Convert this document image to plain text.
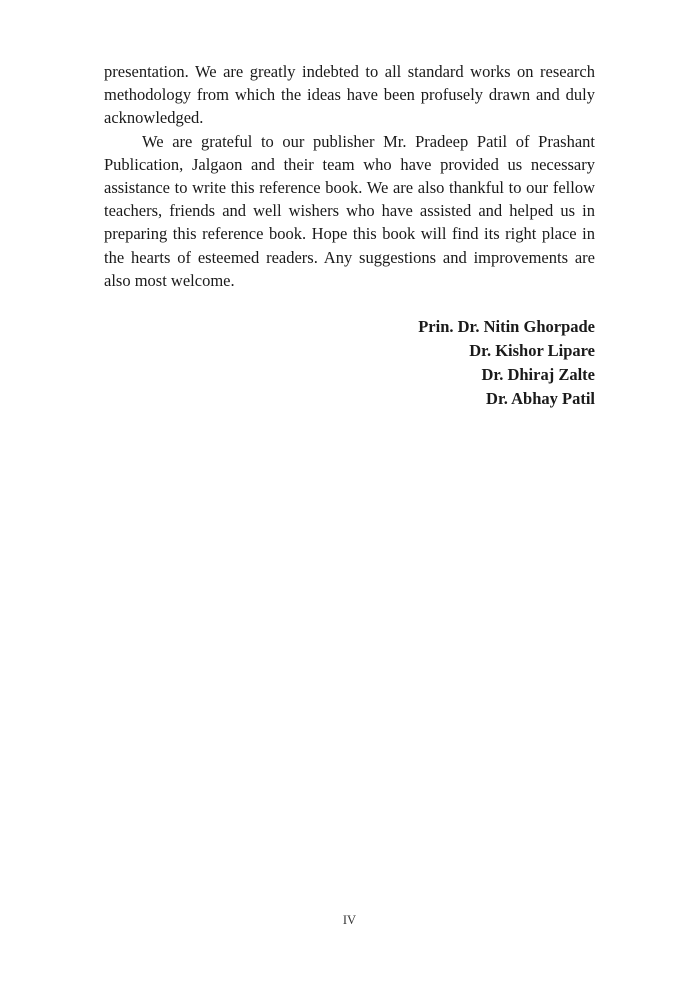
presentation. We are greatly indebted to all standard works on research methodology from which the ideas have been profusely drawn and duly acknowledged.

We are grateful to our publisher Mr. Pradeep Patil of Prashant Publication, Jalgaon and their team who have provided us necessary assistance to write this reference book. We are also thankful to our fellow teachers, friends and well wishers who have assisted and helped us in preparing this reference book. Hope this book will find its right place in the hearts of esteemed readers. Any suggestions and improvements are also most welcome.

Prin. Dr. Nitin Ghorpade
Dr. Kishor Lipare
Dr. Dhiraj Zalte
Dr. Abhay Patil
IV
